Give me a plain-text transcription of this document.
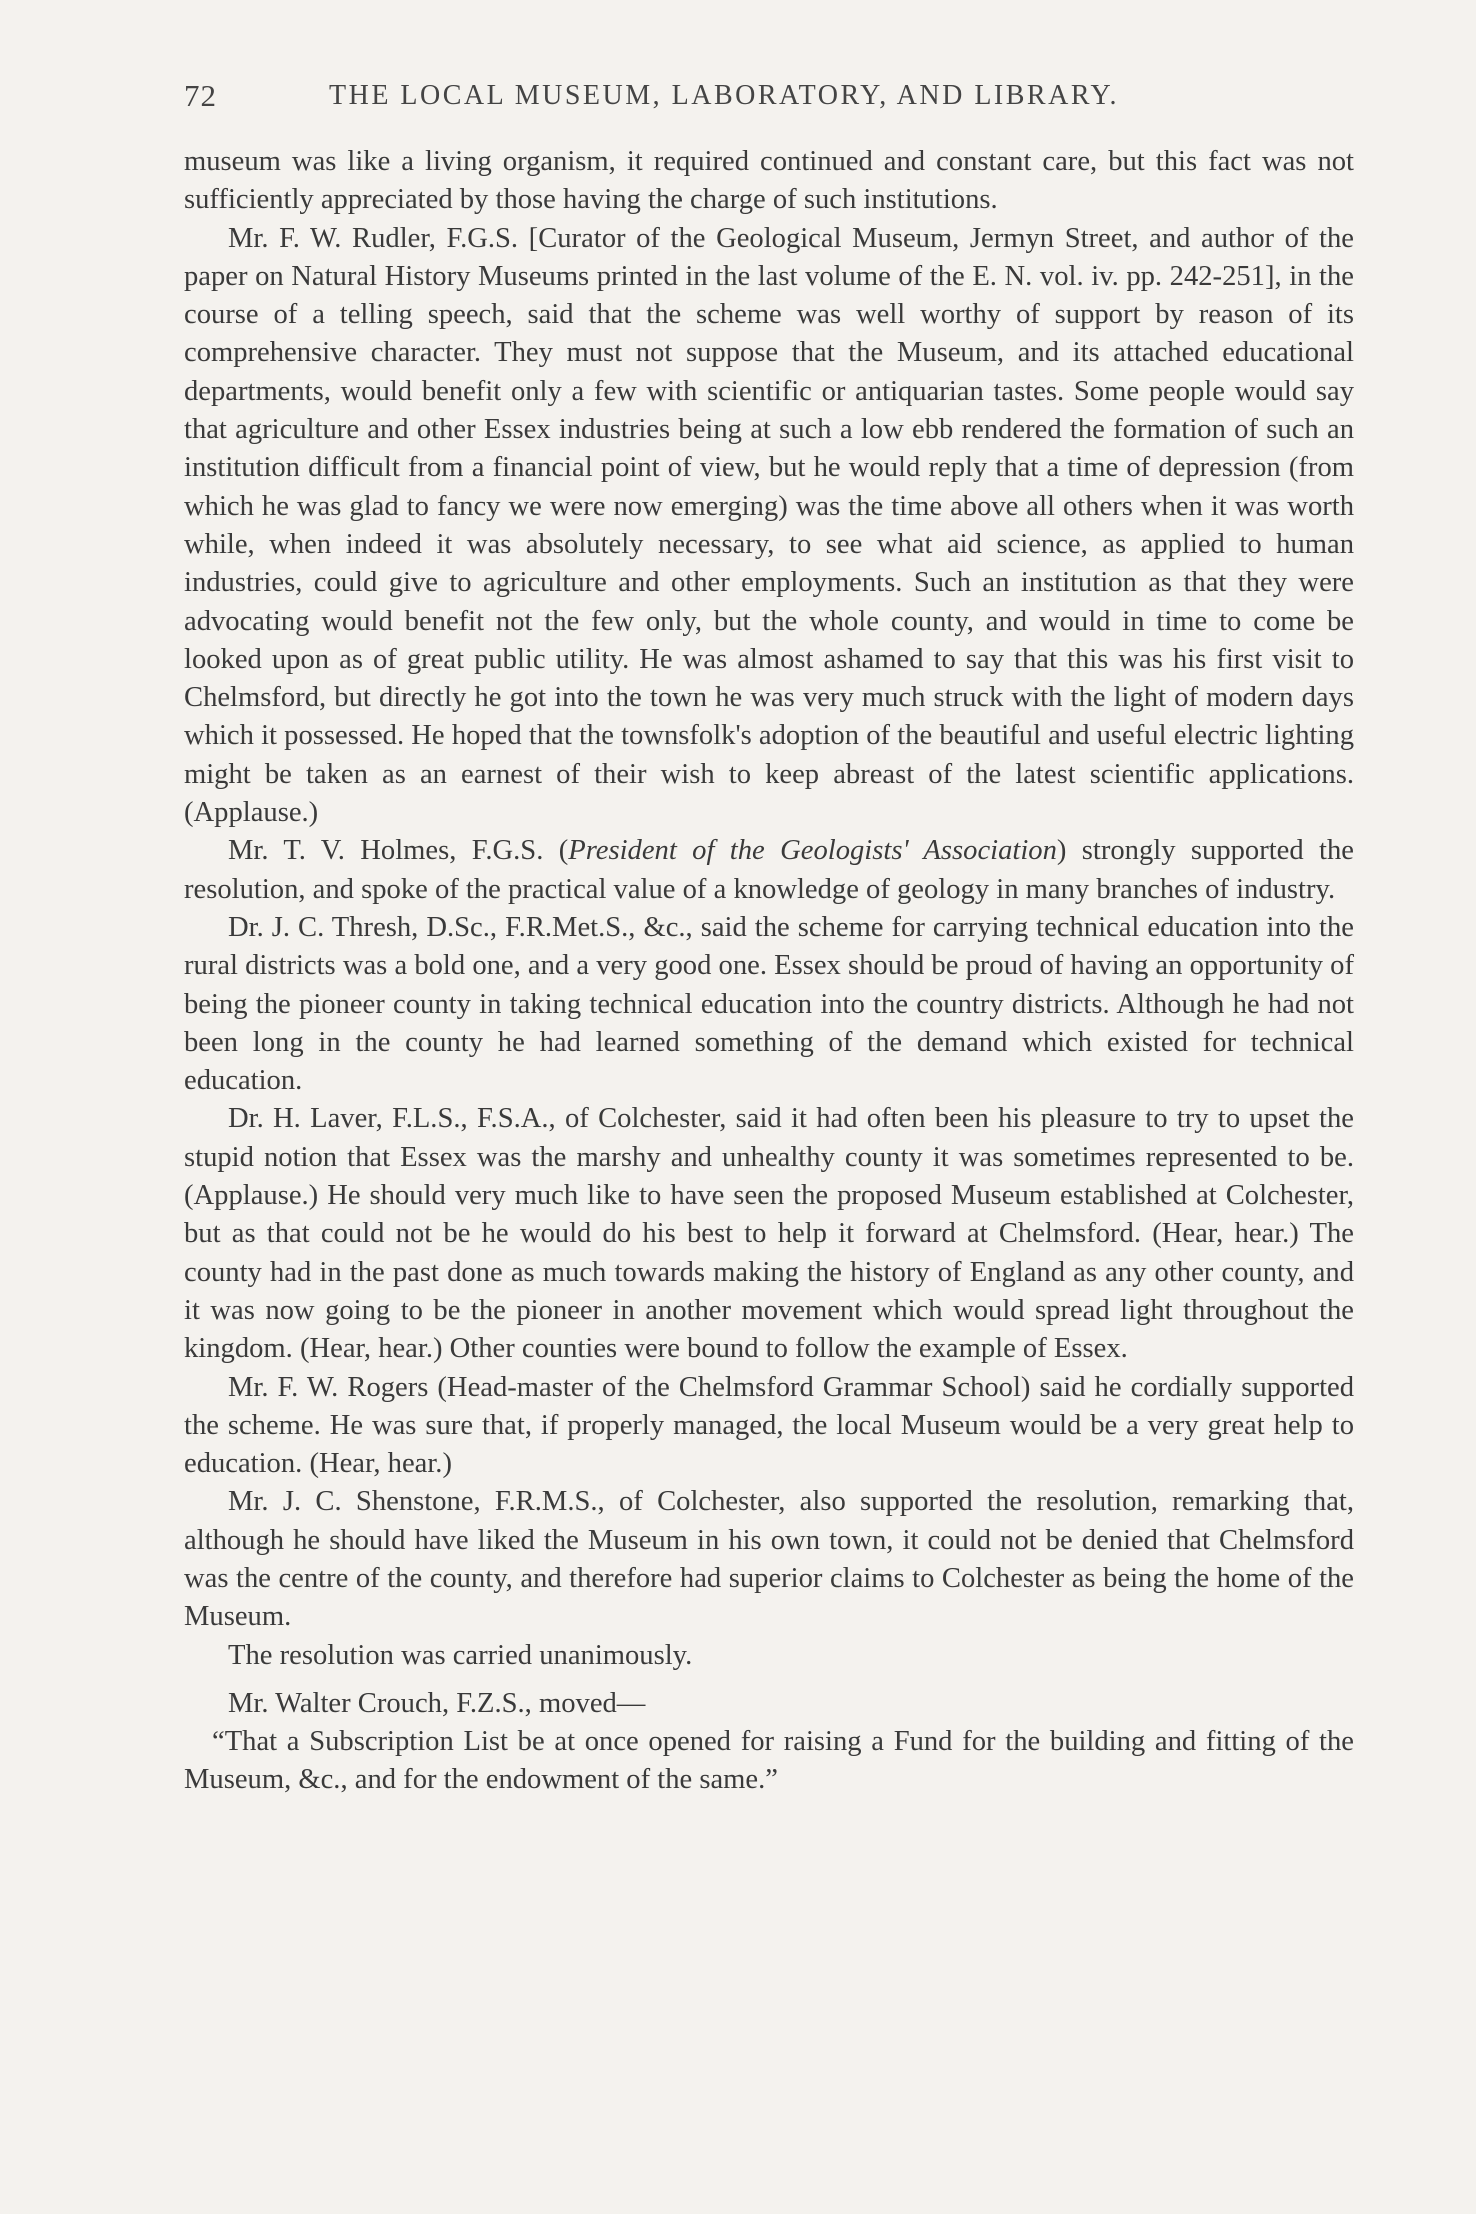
72	THE LOCAL MUSEUM, LABORATORY, AND LIBRARY.

museum was like a living organism, it required continued and constant care, but this fact was not sufficiently appreciated by those having the charge of such institutions.

Mr. F. W. Rudler, F.G.S. [Curator of the Geological Museum, Jermyn Street, and author of the paper on Natural History Museums printed in the last volume of the E. N. vol. iv. pp. 242-251], in the course of a telling speech, said that the scheme was well worthy of support by reason of its comprehensive character. They must not suppose that the Museum, and its attached educational departments, would benefit only a few with scientific or antiquarian tastes. Some people would say that agriculture and other Essex industries being at such a low ebb rendered the formation of such an institution difficult from a financial point of view, but he would reply that a time of depression (from which he was glad to fancy we were now emerging) was the time above all others when it was worth while, when indeed it was absolutely necessary, to see what aid science, as applied to human industries, could give to agriculture and other employments. Such an institution as that they were advocating would benefit not the few only, but the whole county, and would in time to come be looked upon as of great public utility. He was almost ashamed to say that this was his first visit to Chelmsford, but directly he got into the town he was very much struck with the light of modern days which it possessed. He hoped that the townsfolk's adoption of the beautiful and useful electric lighting might be taken as an earnest of their wish to keep abreast of the latest scientific applications. (Applause.)

Mr. T. V. Holmes, F.G.S. (President of the Geologists' Association) strongly supported the resolution, and spoke of the practical value of a knowledge of geology in many branches of industry.

Dr. J. C. Thresh, D.Sc., F.R.Met.S., &c., said the scheme for carrying technical education into the rural districts was a bold one, and a very good one. Essex should be proud of having an opportunity of being the pioneer county in taking technical education into the country districts. Although he had not been long in the county he had learned something of the demand which existed for technical education.

Dr. H. Laver, F.L.S., F.S.A., of Colchester, said it had often been his pleasure to try to upset the stupid notion that Essex was the marshy and unhealthy county it was sometimes represented to be. (Applause.) He should very much like to have seen the proposed Museum established at Colchester, but as that could not be he would do his best to help it forward at Chelmsford. (Hear, hear.) The county had in the past done as much towards making the history of England as any other county, and it was now going to be the pioneer in another movement which would spread light throughout the kingdom. (Hear, hear.) Other counties were bound to follow the example of Essex.

Mr. F. W. Rogers (Head-master of the Chelmsford Grammar School) said he cordially supported the scheme. He was sure that, if properly managed, the local Museum would be a very great help to education. (Hear, hear.)

Mr. J. C. Shenstone, F.R.M.S., of Colchester, also supported the resolution, remarking that, although he should have liked the Museum in his own town, it could not be denied that Chelmsford was the centre of the county, and therefore had superior claims to Colchester as being the home of the Museum.

The resolution was carried unanimously.

Mr. Walter Crouch, F.Z.S., moved—

“That a Subscription List be at once opened for raising a Fund for the building and fitting of the Museum, &c., and for the endowment of the same.”
